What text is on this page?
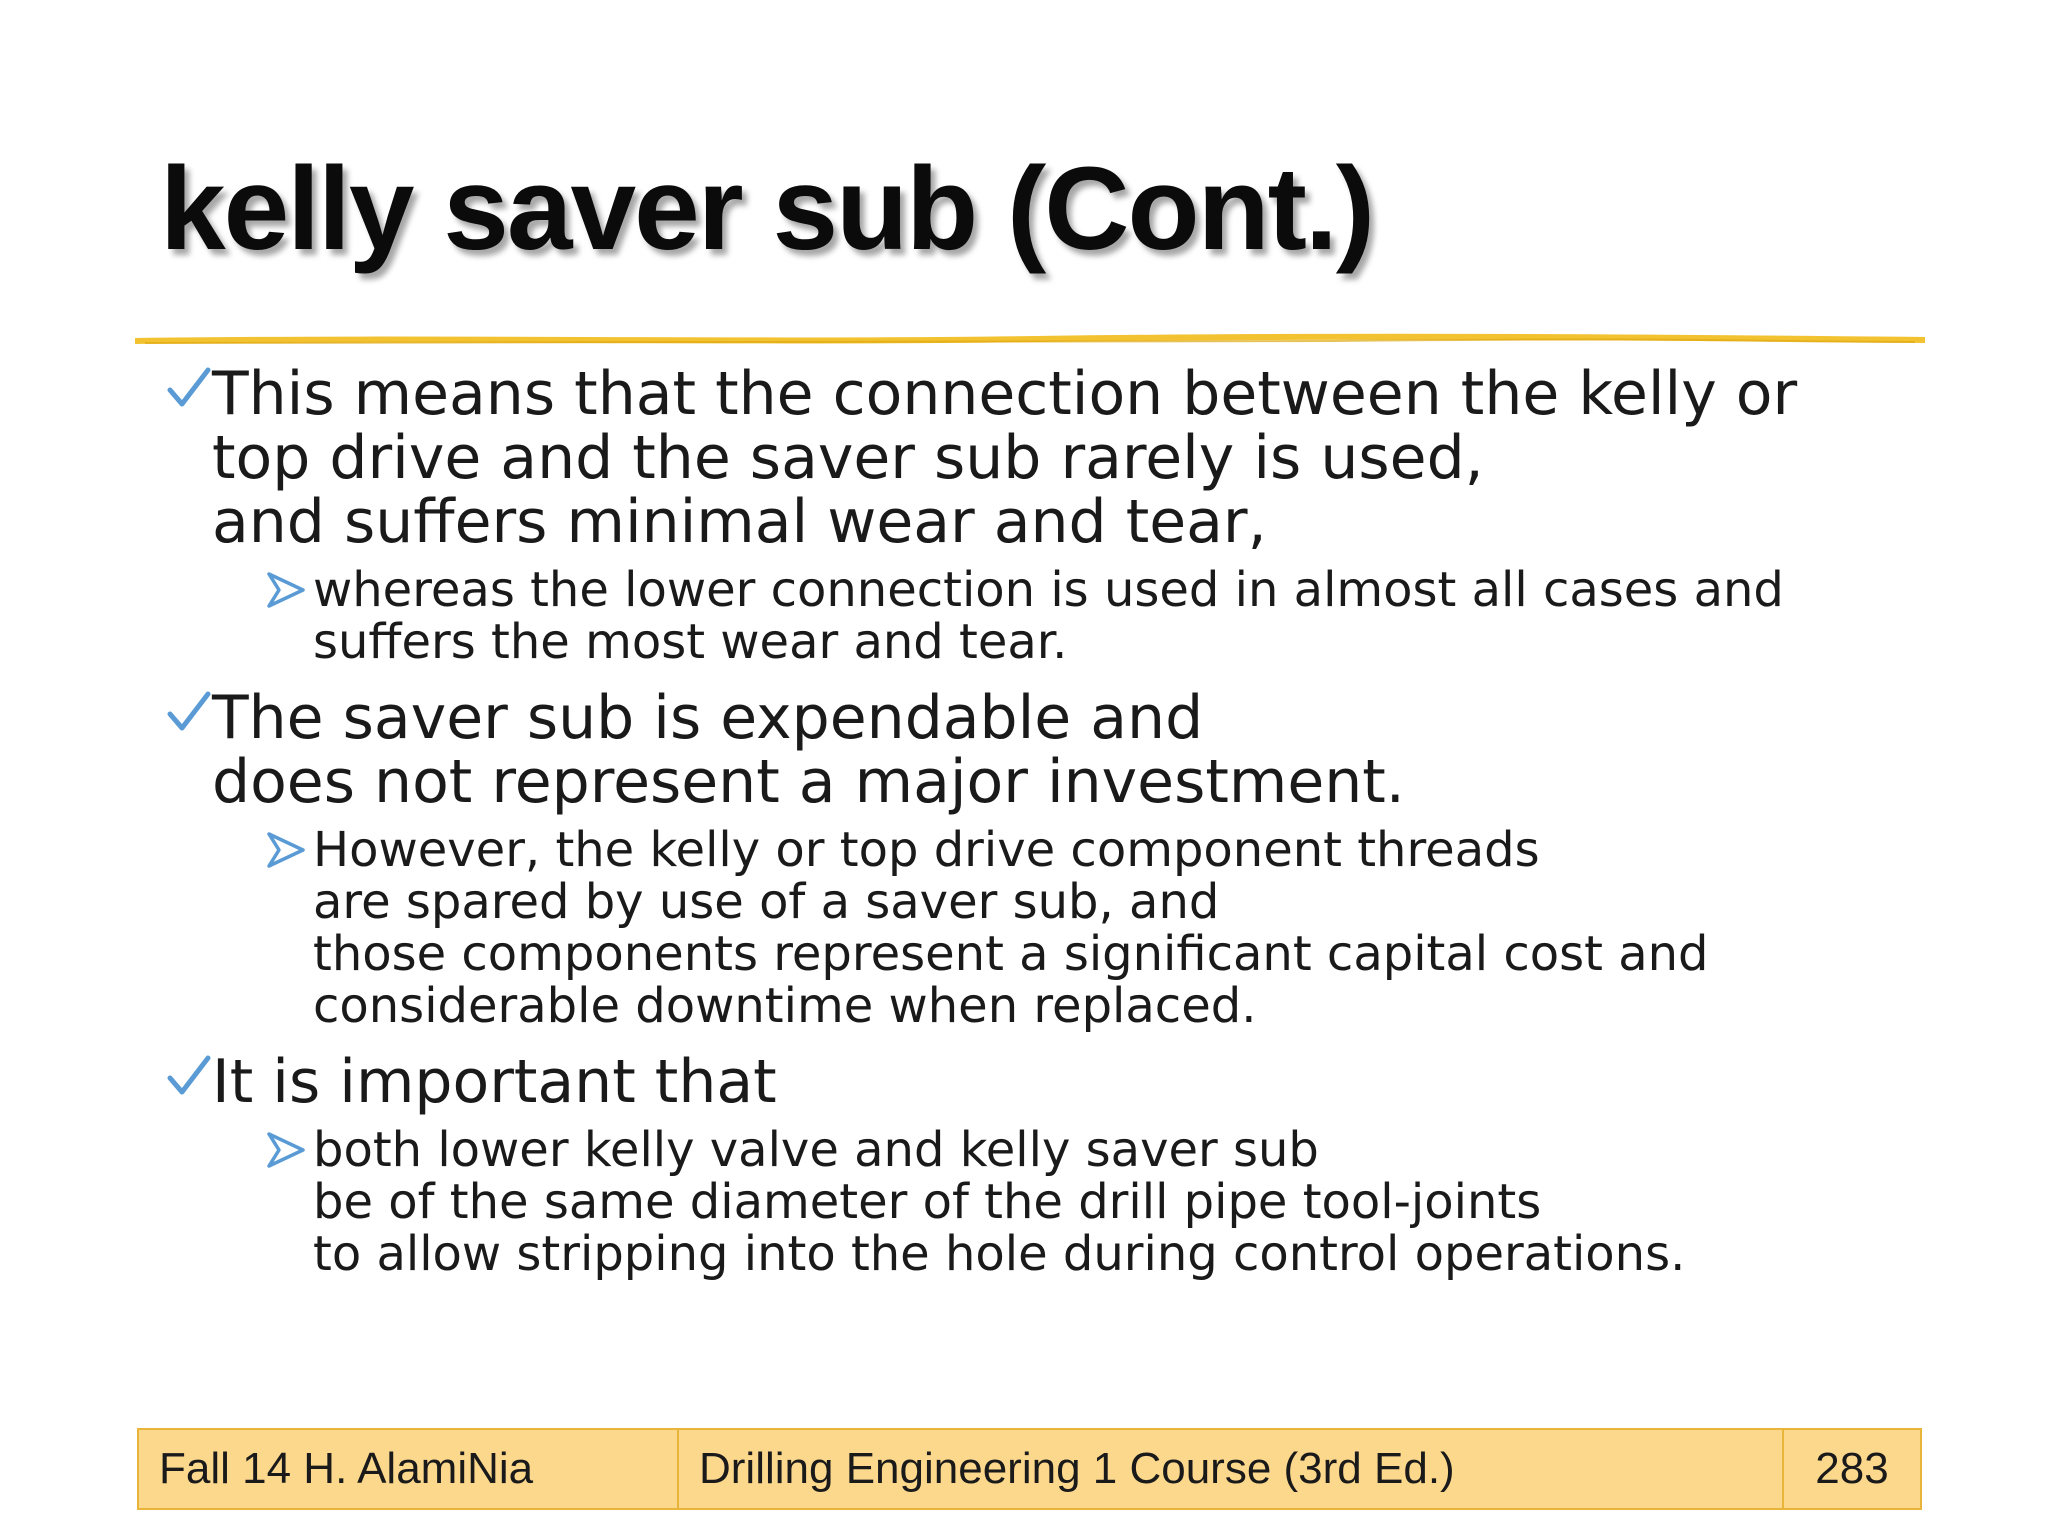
kelly saver sub (Cont.)
This means that the connection between the kelly or
top drive and the saver sub rarely is used,
and suffers minimal wear and tear,
whereas the lower connection is used in almost all cases and
suffers the most wear and tear.
The saver sub is expendable and
does not represent a major investment.
However, the kelly or top drive component threads
are spared by use of a saver sub, and
those components represent a significant capital cost and
considerable downtime when replaced.
It is important that
both lower kelly valve and kelly saver sub
be of the same diameter of the drill pipe tool-joints
to allow stripping into the hole during control operations.
Fall 14 H. AlamiNia	Drilling Engineering 1 Course (3rd Ed.)	283
